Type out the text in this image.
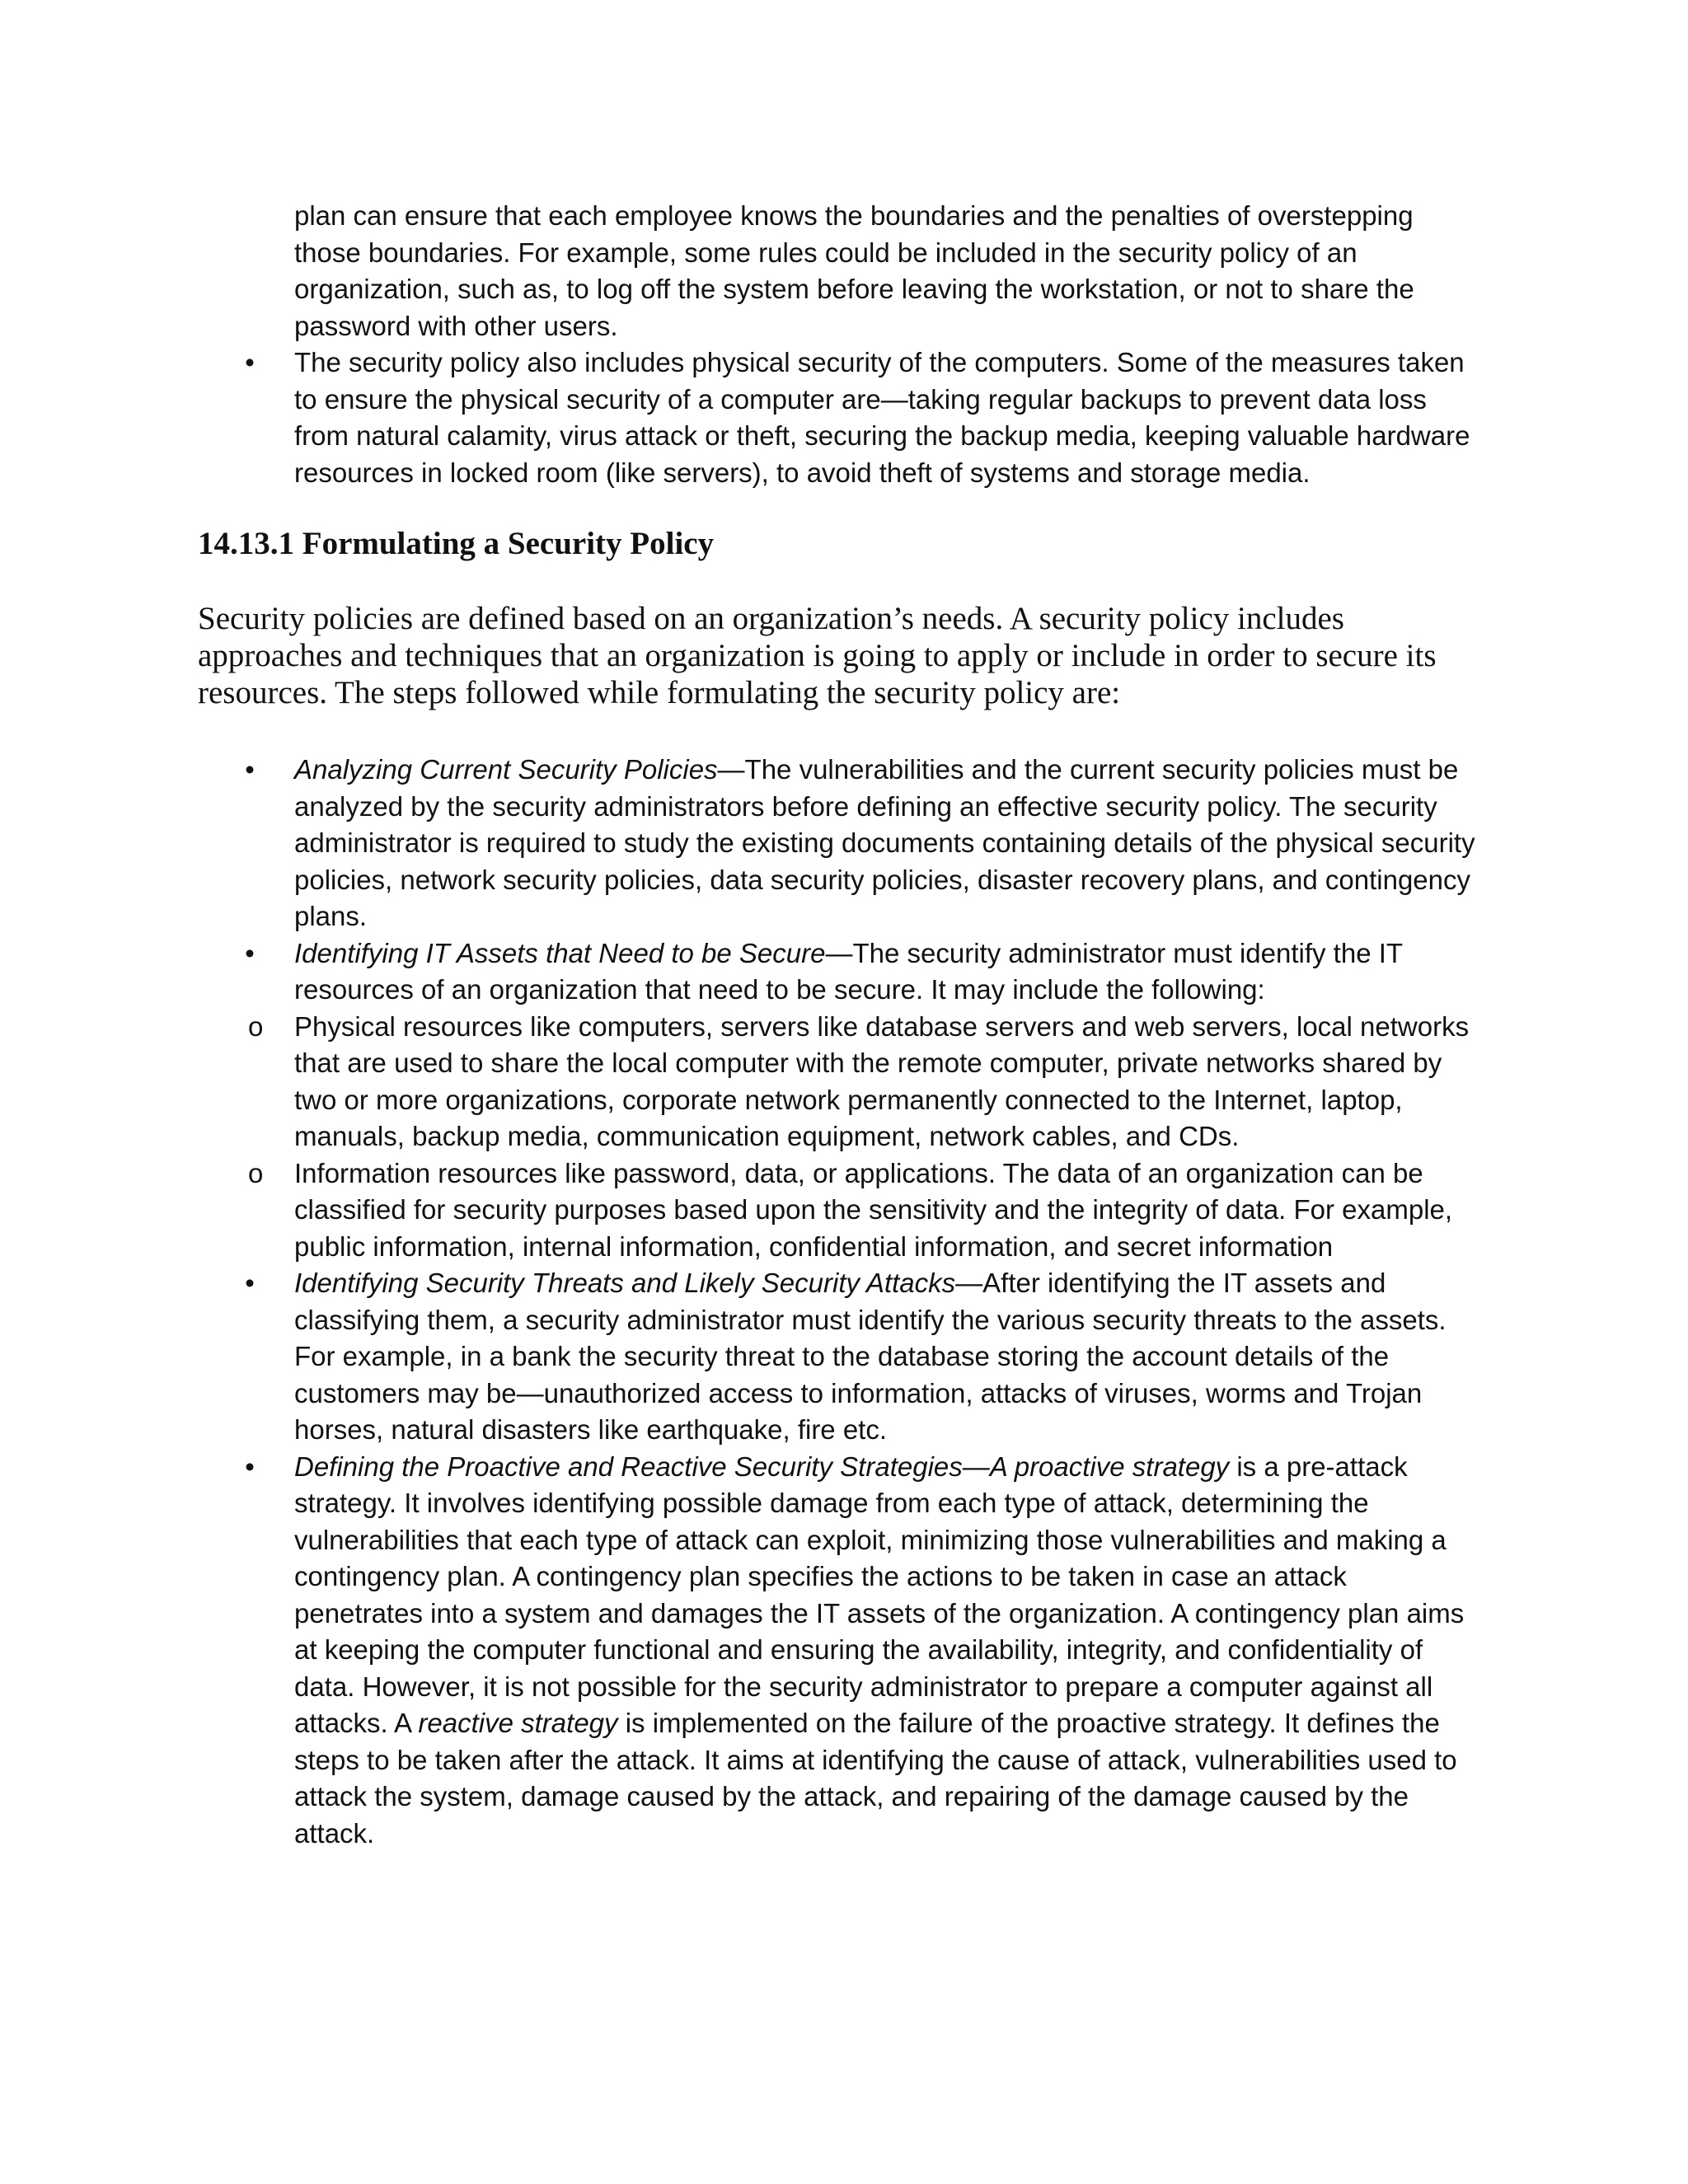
plan can ensure that each employee knows the boundaries and the penalties of overstepping those boundaries. For example, some rules could be included in the security policy of an organization, such as, to log off the system before leaving the workstation, or not to share the password with other users.

• The security policy also includes physical security of the computers. Some of the measures taken to ensure the physical security of a computer are—taking regular backups to prevent data loss from natural calamity, virus attack or theft, securing the backup media, keeping valuable hardware resources in locked room (like servers), to avoid theft of systems and storage media.
14.13.1 Formulating a Security Policy

Security policies are defined based on an organization’s needs. A security policy includes approaches and techniques that an organization is going to apply or include in order to secure its resources. The steps followed while formulating the security policy are:

• Analyzing Current Security Policies—The vulnerabilities and the current security policies must be analyzed by the security administrators before defining an effective security policy. The security administrator is required to study the existing documents containing details of the physical security policies, network security policies, data security policies, disaster recovery plans, and contingency plans.
• Identifying IT Assets that Need to be Secure—The security administrator must identify the IT resources of an organization that need to be secure. It may include the following:
o Physical resources like computers, servers like database servers and web servers, local networks that are used to share the local computer with the remote computer, private networks shared by two or more organizations, corporate network permanently connected to the Internet, laptop, manuals, backup media, communication equipment, network cables, and CDs.
o Information resources like password, data, or applications. The data of an organization can be classified for security purposes based upon the sensitivity and the integrity of data. For example, public information, internal information, confidential information, and secret information
• Identifying Security Threats and Likely Security Attacks—After identifying the IT assets and classifying them, a security administrator must identify the various security threats to the assets. For example, in a bank the security threat to the database storing the account details of the customers may be—unauthorized access to information, attacks of viruses, worms and Trojan horses, natural disasters like earthquake, fire etc.
• Defining the Proactive and Reactive Security Strategies—A proactive strategy is a pre-attack strategy. It involves identifying possible damage from each type of attack, determining the vulnerabilities that each type of attack can exploit, minimizing those vulnerabilities and making a contingency plan. A contingency plan specifies the actions to be taken in case an attack penetrates into a system and damages the IT assets of the organization. A contingency plan aims at keeping the computer functional and ensuring the availability, integrity, and confidentiality of data. However, it is not possible for the security administrator to prepare a computer against all attacks. A reactive strategy is implemented on the failure of the proactive strategy. It defines the steps to be taken after the attack. It aims at identifying the cause of attack, vulnerabilities used to attack the system, damage caused by the attack, and repairing of the damage caused by the attack.
